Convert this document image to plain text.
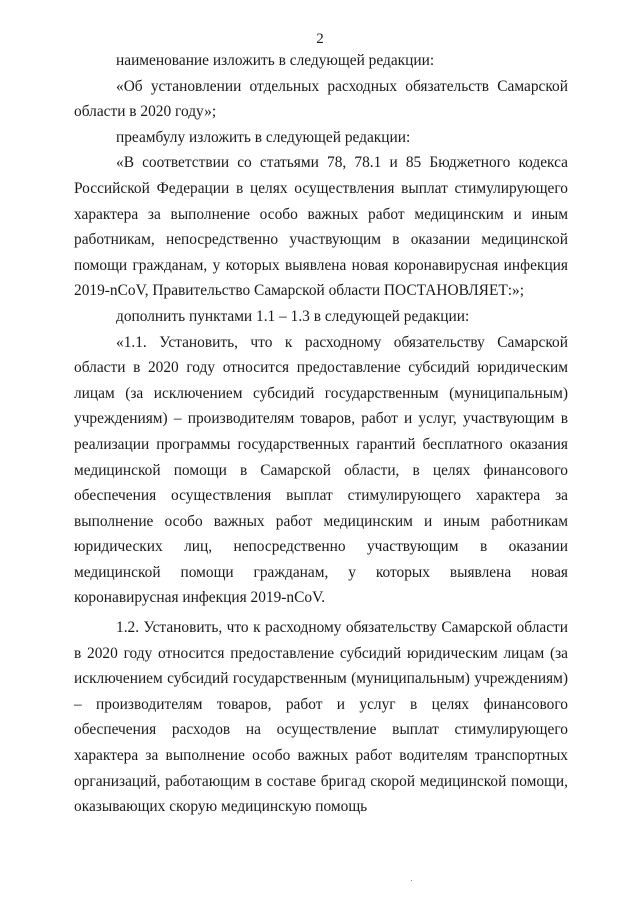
2

наименование изложить в следующей редакции:

«Об установлении отдельных расходных обязательств Самарской области в 2020 году»;

преамбулу изложить в следующей редакции:

«В соответствии со статьями 78, 78.1 и 85 Бюджетного кодекса Российской Федерации в целях осуществления выплат стимулирующего характера за выполнение особо важных работ медицинским и иным работникам, непосредственно участвующим в оказании медицинской помощи гражданам, у которых выявлена новая коронавирусная инфекция 2019-nCoV, Правительство Самарской области ПОСТАНОВЛЯЕТ:»;

дополнить пунктами 1.1 – 1.3 в следующей редакции:

«1.1. Установить, что к расходному обязательству Самарской области в 2020 году относится предоставление субсидий юридическим лицам (за исключением субсидий государственным (муниципальным) учреждениям) – производителям товаров, работ и услуг, участвующим в реализации программы государственных гарантий бесплатного оказания медицинской помощи в Самарской области, в целях финансового обеспечения осуществления выплат стимулирующего характера за выполнение особо важных работ медицинским и иным работникам юридических лиц, непосредственно участвующим в оказании медицинской помощи гражданам, у которых выявлена новая коронавирусная инфекция 2019-nCoV.

1.2. Установить, что к расходному обязательству Самарской области в 2020 году относится предоставление субсидий юридическим лицам (за исключением субсидий государственным (муниципальным) учреждениям) – производителям товаров, работ и услуг в целях финансового обеспечения расходов на осуществление выплат стимулирующего характера за выполнение особо важных работ водителям транспортных организаций, работающим в составе бригад скорой медицинской помощи, оказывающих скорую медицинскую помощь
